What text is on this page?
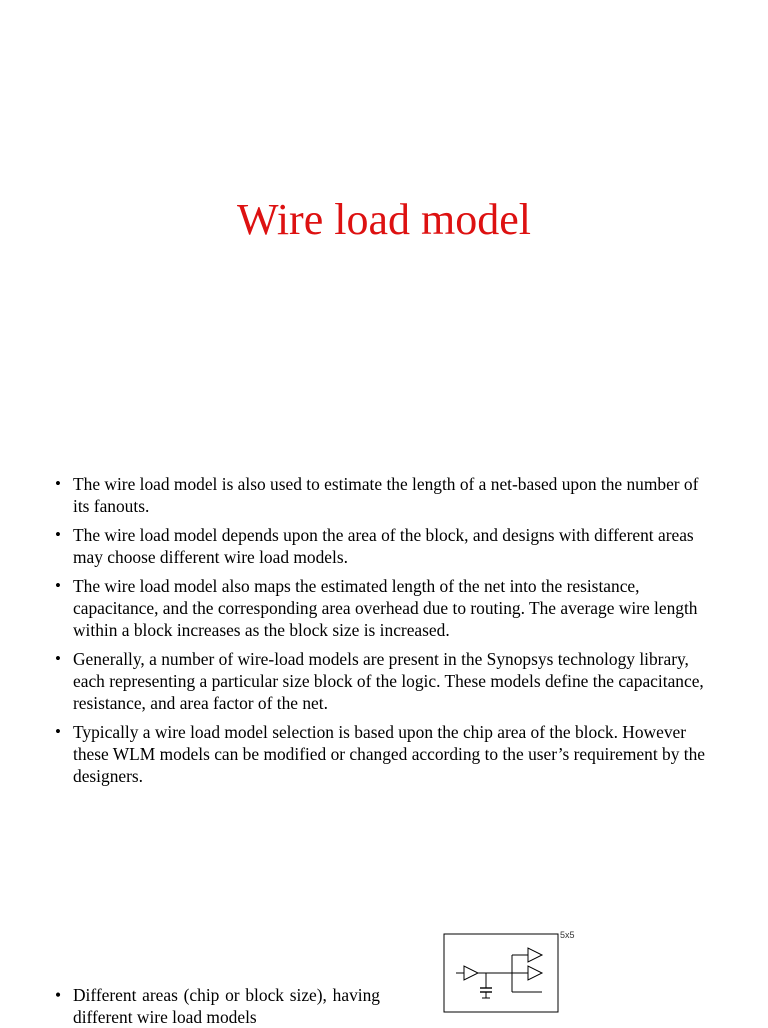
Wire load model
• The wire load model is also used to estimate the length of a net-based upon the number of its fanouts.
• The wire load model depends upon the area of the block, and designs with different areas may choose different wire load models.
• The wire load model also maps the estimated length of the net into the resistance, capacitance, and the corresponding area overhead due to routing. The average wire length within a block increases as the block size is increased.
• Generally, a number of wire-load models are present in the Synopsys technology library, each representing a particular size block of the logic. These models define the capacitance, resistance, and area factor of the net.
• Typically a wire load model selection is based upon the chip area of the block. However these WLM models can be modified or changed according to the user’s requirement by the designers.
• Different areas (chip or block size), having different wire load models
5x5
